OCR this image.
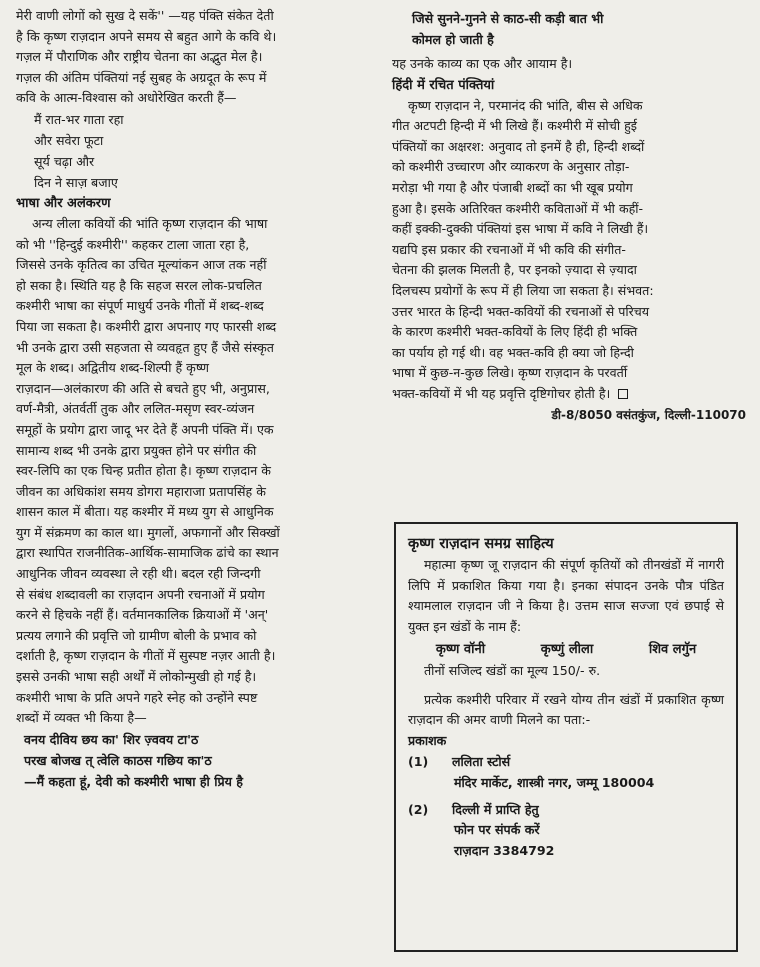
मेरी वाणी लोगों को सुख दे सकें'' —यह पंक्ति संकेत देती

है कि कृष्ण राज़दान अपने समय से बहुत आगे के कवि थे।

गज़ल में पौराणिक और राष्ट्रीय चेतना का अद्भुत मेल है।

गज़ल की अंतिम पंक्तियां नई सुबह के अग्रदूत के रूप में

कवि के आत्म-विश्वास को अधोरेखित करती हैं—

मैं रात-भर गाता रहा

और सवेरा फूटा

सूर्य चढ़ा और

दिन ने साज़ बजाए

भाषा और अलंकरण

अन्य लीला कवियों की भांति कृष्ण राज़दान की भाषा

को भी ''हिन्दुई कश्मीरी'' कहकर टाला जाता रहा है,

जिससे उनके कृतित्व का उचित मूल्यांकन आज तक नहीं

हो सका है। स्थिति यह है कि सहज सरल लोक-प्रचलित

कश्मीरी भाषा का संपूर्ण माधुर्य उनके गीतों में शब्द-शब्द

पिया जा सकता है। कश्मीरी द्वारा अपनाए गए फारसी शब्द

भी उनके द्वारा उसी सहजता से व्यवहृत हुए हैं जैसे संस्कृत

मूल के शब्द। अद्वितीय शब्द-शिल्पी हैं कृष्ण

राज़दान—अलंकारण की अति से बचते हुए भी, अनुप्रास,

वर्ण-मैत्री, अंतर्वर्ती तुक और ललित-मसृण स्वर-व्यंजन

समूहों के प्रयोग द्वारा जादू भर देते हैं अपनी पंक्ति में। एक

सामान्य शब्द भी उनके द्वारा प्रयुक्त होने पर संगीत की

स्वर-लिपि का एक चिन्ह प्रतीत होता है। कृष्ण राज़दान के

जीवन का अधिकांश समय डोगरा महाराजा प्रतापसिंह के

शासन काल में बीता। यह कश्मीर में मध्य युग से आधुनिक

युग में संक्रमण का काल था। मुगलों, अफगानों और सिक्खों

द्वारा स्थापित राजनीतिक-आर्थिक-सामाजिक ढांचे का स्थान

आधुनिक जीवन व्यवस्था ले रही थी। बदल रही जिन्दगी

से संबंध शब्दावली का राज़दान अपनी रचनाओं में प्रयोग

करने से हिचके नहीं हैं। वर्तमानकालिक क्रियाओं में 'अन्'

प्रत्यय लगाने की प्रवृत्ति जो ग्रामीण बोली के प्रभाव को

दर्शाती है, कृष्ण राज़दान के गीतों में सुस्पष्ट नज़र आती है।

इससे उनकी भाषा सही अर्थों में लोकोन्मुखी हो गई है।

कश्मीरी भाषा के प्रति अपने गहरे स्नेह को उन्होंने स्पष्ट

शब्दों में व्यक्त भी किया है—

वनय दीविय छय का' शिर ज़्ववय टा'ठ

परख बोजख त् त्वेलि काठस गछिय का'ठ

—मैं कहता हूं, देवी को कश्मीरी भाषा ही प्रिय है

जिसे सुनने-गुनने से काठ-सी कड़ी बात भी

कोमल हो जाती है

यह उनके काव्य का एक और आयाम है।

हिंदी में रचित पंक्तियां

कृष्ण राज़दान ने, परमानंद की भांति, बीस से अधिक

गीत अटपटी हिन्दी में भी लिखे हैं। कश्मीरी में सोची हुई

पंक्तियों का अक्षरश: अनुवाद तो इनमें है ही, हिन्दी शब्दों

को कश्मीरी उच्चारण और व्याकरण के अनुसार तोड़ा-

मरोड़ा भी गया है और पंजाबी शब्दों का भी खूब प्रयोग

हुआ है। इसके अतिरिक्त कश्मीरी कविताओं में भी कहीं-

कहीं इक्की-दुक्की पंक्तियां इस भाषा में कवि ने लिखी हैं।

यद्यपि इस प्रकार की रचनाओं में भी कवि की संगीत-

चेतना की झलक मिलती है, पर इनको ज़्यादा से ज़्यादा

दिलचस्प प्रयोगों के रूप में ही लिया जा सकता है। संभवत:

उत्तर भारत के हिन्दी भक्त-कवियों की रचनाओं से परिचय

के कारण कश्मीरी भक्त-कवियों के लिए हिंदी ही भक्ति

का पर्याय हो गई थी। वह भक्त-कवि ही क्या जो हिन्दी

भाषा में कुछ-न-कुछ लिखे। कृष्ण राज़दान के परवर्ती

भक्त-कवियों में भी यह प्रवृत्ति दृष्टिगोचर होती है।

डी-8/8050 वसंतकुंज, दिल्ली-110070

कृष्ण राज़दान समग्र साहित्य

महात्मा कृष्ण जू राज़दान की संपूर्ण कृतियों को तीनखंडों में नागरी लिपि में प्रकाशित किया गया है। इनका संपादन उनके पौत्र पंडित श्यामलाल राज़दान जी ने किया है। उत्तम साज सज्जा एवं छपाई से युक्त इन खंडों के नाम हैं:

कृष्ण वॉनी	कृष्णुं लीला	शिव लगुॅन

तीनों सजिल्द खंडों का मूल्य 150/- रु.

प्रत्येक कश्मीरी परिवार में रखने योग्य तीन खंडों में प्रकाशित कृष्ण राज़दान की अमर वाणी मिलने का पता:-

प्रकाशक

(1) ललिता स्टोर्स

मंदिर मार्केट, शास्त्री नगर, जम्मू 180004

(2) दिल्ली में प्राप्ति हेतु

फोन पर संपर्क करें

राज़दान 3384792
